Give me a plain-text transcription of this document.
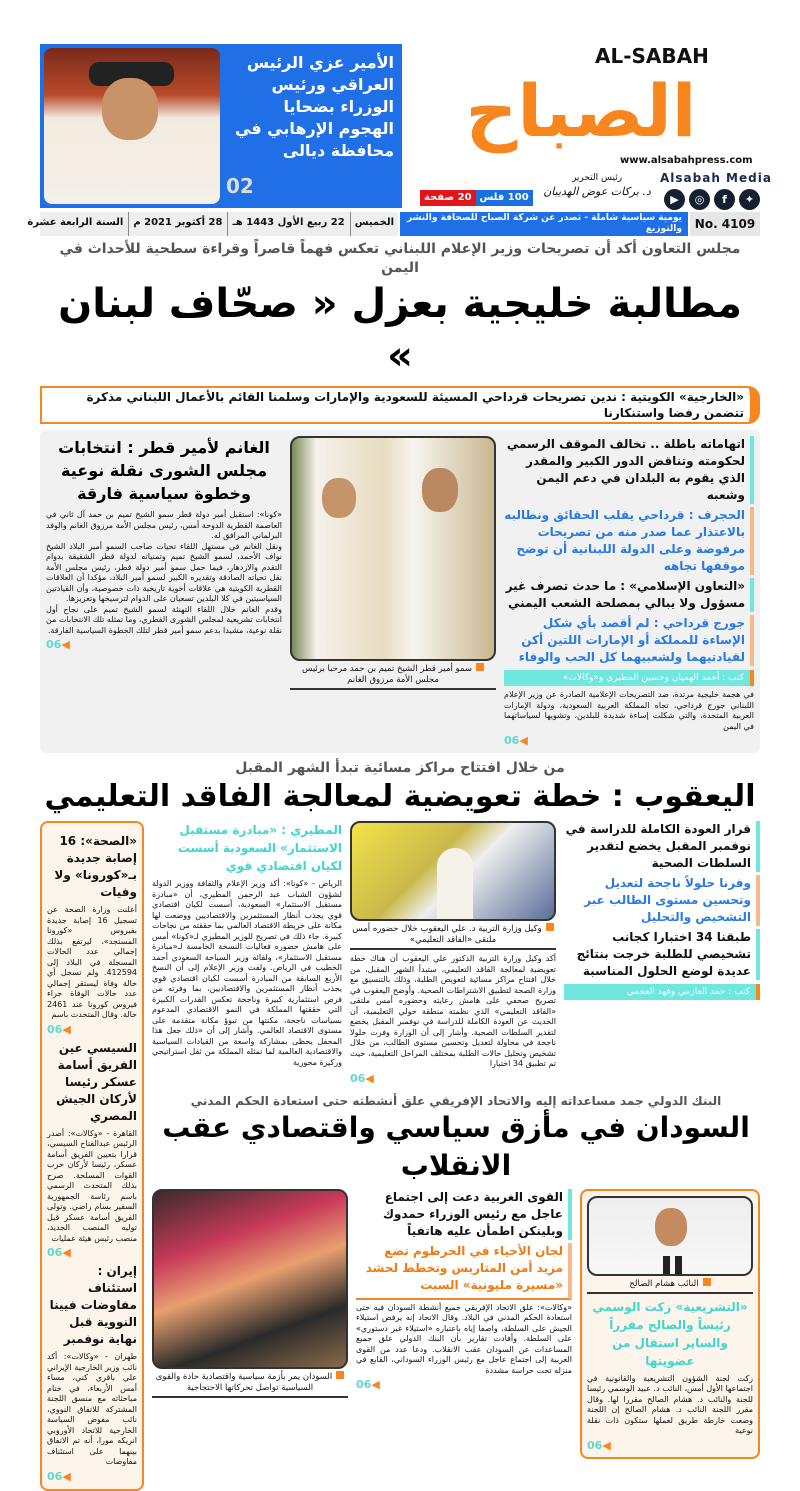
AL-SABAH
الصباح
www.alsabahpress.com
Alsabah Media
▶	◎	f	✦
رئيس التحرير
د. بركات عوض الهديبان
100 فلس
20 صفحة
الأمير عزي الرئيس العراقي ورئيس الوزراء بضحايا الهجوم الإرهابي في محافظة ديالى
02
يومية سياسية شاملة - تصدر عن شركة الصباح للصحافة والنشر والتوزيع	No. 4109
الخميس
22 ربيع الأول 1443 هـ
28 أكتوبر 2021 م
السنة الرابعة عشرة
مجلس التعاون أكد أن تصريحات وزير الإعلام اللبناني تعكس فهماً قاصراً وقراءة سطحية للأحداث في اليمن
مطالبة خليجية بعزل « صحّاف لبنان »
«الخارجية» الكويتية : ندين تصريحات قرداحي المسيئة للسعودية والإمارات وسلمنا القائم بالأعمال اللبناني مذكرة تتضمن رفضا واستنكارنا
الغانم لأمير قطر : انتخابات مجلس الشورى نقلة نوعية وخطوة سياسية فارقة
«كونا»: استقبل أمير دولة قطر سمو الشيخ تميم بن حمد آل ثاني في العاصمة القطرية الدوحة أمس، رئيس مجلس الأمة مرزوق الغانم والوفد البرلماني المرافق له.
ونقل الغانم في مستهل اللقاء تحيات صاحب السمو أمير البلاد الشيخ نواف الأحمد، لسمو الشيخ تميم وتمنياته لدولة قطر الشقيقة بدوام التقدم والازدهار، فيما حمل سمو أمير دولة قطر، رئيس مجلس الأمة نقل تحياته الصادقة وتقديره الكبير لسمو أمير البلاد، مؤكدا أن العلاقات القطرية الكويتية هي علاقات أخوية تاريخية ذات خصوصية، وأن القيادتين السياسيتين في كلا البلدين تسعيان على الدوام لترسيخها وتعزيزها.
وقدم الغانم خلال اللقاء التهنئة لسمو الشيخ تميم على نجاح أول انتخابات تشريعية لمجلس الشورى القطري، وما تمثله تلك الانتخابات من نقلة نوعية، مشيدا بدعم سمو أمير قطر لتلك الخطوة السياسية الفارقة.
06◀
سمو أمير قطر الشيخ تميم بن حمد مرحبا برئيس مجلس الأمة مرزوق الغانم
اتهاماته باطلة .. تخالف الموقف الرسمي لحكومته وتناقض الدور الكبير والمقدر الذي يقوم به البلدان في دعم اليمن وشعبه
الحجرف : قرداحي يقلب الحقائق ونطالبه بالاعتذار عما صدر منه من تصريحات مرفوضة وعلى الدولة اللبنانية أن توضح موقفها تجاهه
«التعاون الإسلامي» : ما حدث تصرف غير مسؤول ولا يبالي بمصلحة الشعب اليمني
جورج قرداحي : لم أقصد بأي شكل الإساءة للمملكة أو الإمارات اللتين أكن لقيادتيهما ولشعبيهما كل الحب والوفاء
كتب : أحمد الهميان وحسين المطيري و«وكالات»
في هجمة خليجية مرتدة، ضد التصريحات الإعلامية الصادرة عن وزير الإعلام اللبناني جورج قرداحي، تجاه المملكة العربية السعودية، ودولة الإمارات العربية المتحدة، والتي شكلت إساءة شديدة للبلدين، وتشويها لسياساتهما في اليمن
06◀
من خلال افتتاح مراكز مسائية تبدأ الشهر المقبل
اليعقوب : خطة تعويضية لمعالجة الفاقد التعليمي
«الصحة»: 16 إصابة جديدة بـ«كورونا» ولا وفيات
أعلنت وزارة الصحة عن تسجيل 16 إصابة جديدة بفيروس «كورونا المستجد»، ليرتفع بذلك إجمالي عدد الحالات المسجلة في البلاد إلى 412594. ولم تسجل أي حالة وفاة ليستقر إجمالي عدد حالات الوفاة جراء فيروس كورونا عند 2461 حالة. وقال المتحدث باسم
06◀
السيسي عين الفريق أسامة عسكر رئيسا لأركان الجيش المصري
القاهرة - «وكالات»: أصدر الرئيس عبدالفتاح السيسي، قرارا بتعيين الفريق أسامة عسكر، رئيسا لأركان حرب القوات المسلحة. صرح بذلك المتحدث الرسمي باسم رئاسة الجمهورية السفير بسام راضي. وتولى الفريق أسامة عسكر قبل توليه المنصب الجديد، منصب رئيس هيئة عمليات
06◀
إيران : استئناف مفاوضات فيينا النووية قبل نهاية نوفمبر
طهران - «وكالات»: أكد نائب وزير الخارجية الإيراني علي باقري كني، مساء أمس الأربعاء، في ختام مباحثاته مع منسق اللجنة المشتركة للاتفاق النووي، نائب مفوض السياسة الخارجية للاتحاد الأوروبي انريكه مورا، أنه تم الاتفاق بينهما على استئناف مفاوضات
06◀
المطيري : «مبادرة مستقبل الاستثمار» السعودية أسست لكيان اقتصادي قوي
الرياض - «كونا»: أكد وزير الإعلام والثقافة ووزير الدولة لشؤون الشباب عبد الرحمن المطيري، أن «مبادرة مستقبل الاستثمار» السعودية، أسست لكيان اقتصادي قوي يجذب أنظار المستثمرين والاقتصاديين ووضعت لها مكانة على خريطة الاقتصاد العالمي بما حققته من نجاحات كبيرة. جاء ذلك في تصريح للوزير المطيري لـ«كونا» أمس على هامش حضوره فعاليات النسخة الخامسة لـ«مبادرة مستقبل الاستثمار»، ولقائه وزير السياحة السعودي أحمد الخطيب في الرياض. ولفت وزير الإعلام إلى أن النسخ الأربع السابقة من المبادرة أسست لكيان اقتصادي قوي يجذب أنظار المستثمرين والاقتصاديين، بما وفرته من فرص استثمارية كبيرة وناجحة تعكس القدرات الكبيرة التي حققتها المملكة في النمو الاقتصادي المدعوم بسياسات ناجحة، مكنتها من تبوؤ مكانة متقدمة على مستوى الاقتصاد العالمي. وأشار إلى أن «ذلك جعل هذا المحفل يحظى بمشاركة واسعة من القيادات السياسية والاقتصادية العالمية لما تمثله المملكة من ثقل استراتيجي وركيزة محورية
وكيل وزارة التربية د. علي اليعقوب خلال حضوره أمس ملتقى «الفاقد التعليمي»
أكد وكيل وزارة التربية الدكتور علي اليعقوب أن هناك خطة تعويضية لمعالجة الفاقد التعليمي، ستبدأ الشهر المقبل، من خلال افتتاح مراكز مسائية لتعويض الطلبة، وذلك بالتنسيق مع وزارة الصحة لتطبيق الاشتراطات الصحية. وأوضح اليعقوب في تصريح صحفي على هامش رعايته وحضوره أمس ملتقى «الفاقد التعليمي» الذي نظمته منطقة حولي التعليمية، أن الحديث عن العودة الكاملة للدراسة في نوفمبر المقبل يخضع لتقدير السلطات الصحية. وأشار إلى أن الوزارة وفرت حلولا ناجحة في محاولة لتعديل وتحسين مستوى الطالب، من خلال تشخيص وتحليل حالات الطلبة بمختلف المراحل التعليمية، حيث تم تطبيق 34 اختبارا
06◀
قرار العودة الكاملة للدراسة في نوفمبر المقبل يخضع لتقدير السلطات الصحية
وفرنا حلولاً ناجحة لتعديل وتحسين مستوى الطالب عبر التشخيص والتحليل
طبقنا 34 اختبارا كجانب تشخيصي للطلبة خرجت بنتائج عديدة لوضع الحلول المناسبة
كتب : حمد العازمي وفهد العجمي
البنك الدولي جمد مساعداته إليه والاتحاد الإفريقي علق أنشطته حتى استعادة الحكم المدني
السودان في مأزق سياسي واقتصادي عقب الانقلاب
السودان يمر بأزمة سياسية واقتصادية حادة والقوى السياسية تواصل تحركاتها الاحتجاجية
القوى الغربية دعت إلى اجتماع عاجل مع رئيس الوزراء حمدوك وبلينكن اطمأن عليه هاتفياً
لجان الأحياء في الخرطوم تضع مزيد أمن المتاريس وتخطط لحشد «مسيرة مليونية» السبت
«وكالات»: علق الاتحاد الإفريقي جميع أنشطة السودان فيه حتى استعادة الحكم المدني في البلاد. وقال الاتحاد إنه يرفض استيلاء الجيش على السلطة، واصفا إياه باعتباره «استيلاء غير دستوري» على السلطة. وأفادت تقارير بأن البنك الدولي علق جميع المساعدات عن السودان عقب الانقلاب. ودعا عدد من القوى الغربية إلى اجتماع عاجل مع رئيس الوزراء السوداني، القابع في منزله تحت حراسة مشددة
06◀
النائب هشام الصالح
«التشريعية» زكت الوسمي رئيساً والصالح مقرراً والساير استقال من عضويتها
زكت لجنة الشؤون التشريعية والقانونية في اجتماعها الأول أمس، النائب د. عبيد الوسمي رئيسا للجنة والنائب د. هشام الصالح مقررا لها. وقال مقرر اللجنة النائب د. هشام الصالح إن اللجنة وضعت خارطة طريق لعملها ستكون ذات نقلة نوعية
06◀
